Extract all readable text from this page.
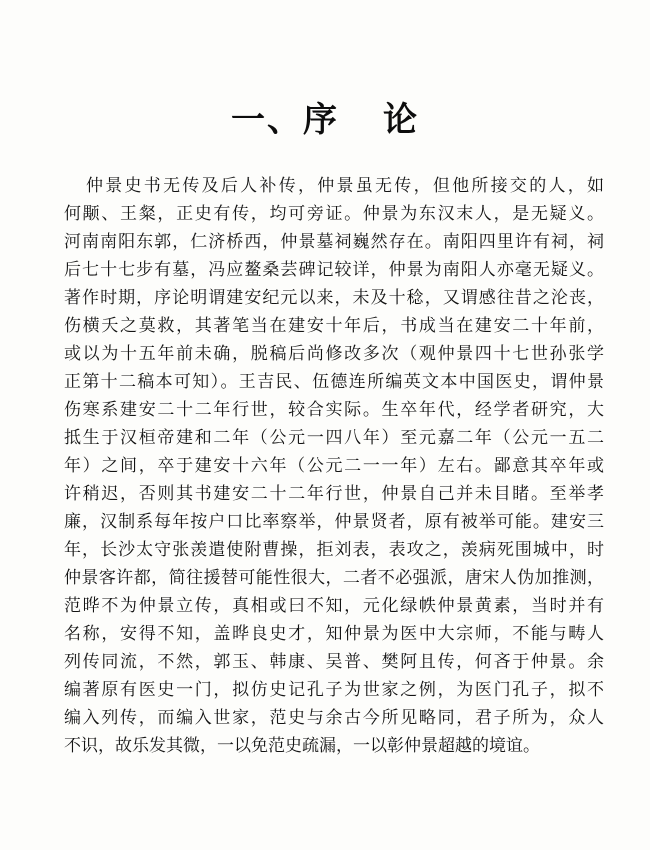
一、序 论
仲景史书无传及后人补传，仲景虽无传，但他所接交的人，如
何颙、王粲，正史有传，均可旁证。仲景为东汉末人，是无疑义。
河南南阳东郭，仁济桥西，仲景墓祠巍然存在。南阳四里许有祠，祠
后七十七步有墓，冯应鳌桑芸碑记较详，仲景为南阳人亦毫无疑义。
著作时期，序论明谓建安纪元以来，未及十稔，又谓感往昔之沦丧，
伤横夭之莫救，其著笔当在建安十年后，书成当在建安二十年前，
或以为十五年前未确，脱稿后尚修改多次（观仲景四十七世孙张学
正第十二稿本可知）。王吉民、伍德连所编英文本中国医史，谓仲景
伤寒系建安二十二年行世，较合实际。生卒年代，经学者研究，大
抵生于汉桓帝建和二年（公元一四八年）至元嘉二年（公元一五二
年）之间，卒于建安十六年（公元二一一年）左右。鄙意其卒年或
许稍迟，否则其书建安二十二年行世，仲景自己并未目睹。至举孝
廉，汉制系每年按户口比率察举，仲景贤者，原有被举可能。建安三
年，长沙太守张羡遣使附曹操，拒刘表，表攻之，羡病死围城中，时
仲景客许都，简往援替可能性很大，二者不必强派，唐宋人伪加推测，
范晔不为仲景立传，真相或曰不知，元化绿帙仲景黄素，当时并有
名称，安得不知，盖晔良史才，知仲景为医中大宗师，不能与畴人
列传同流，不然，郭玉、韩康、吴普、樊阿且传，何吝于仲景。余
编著原有医史一门，拟仿史记孔子为世家之例，为医门孔子，拟不
编入列传，而编入世家，范史与余古今所见略同，君子所为，众人
不识，故乐发其微，一以免范史疏漏，一以彰仲景超越的境谊。
